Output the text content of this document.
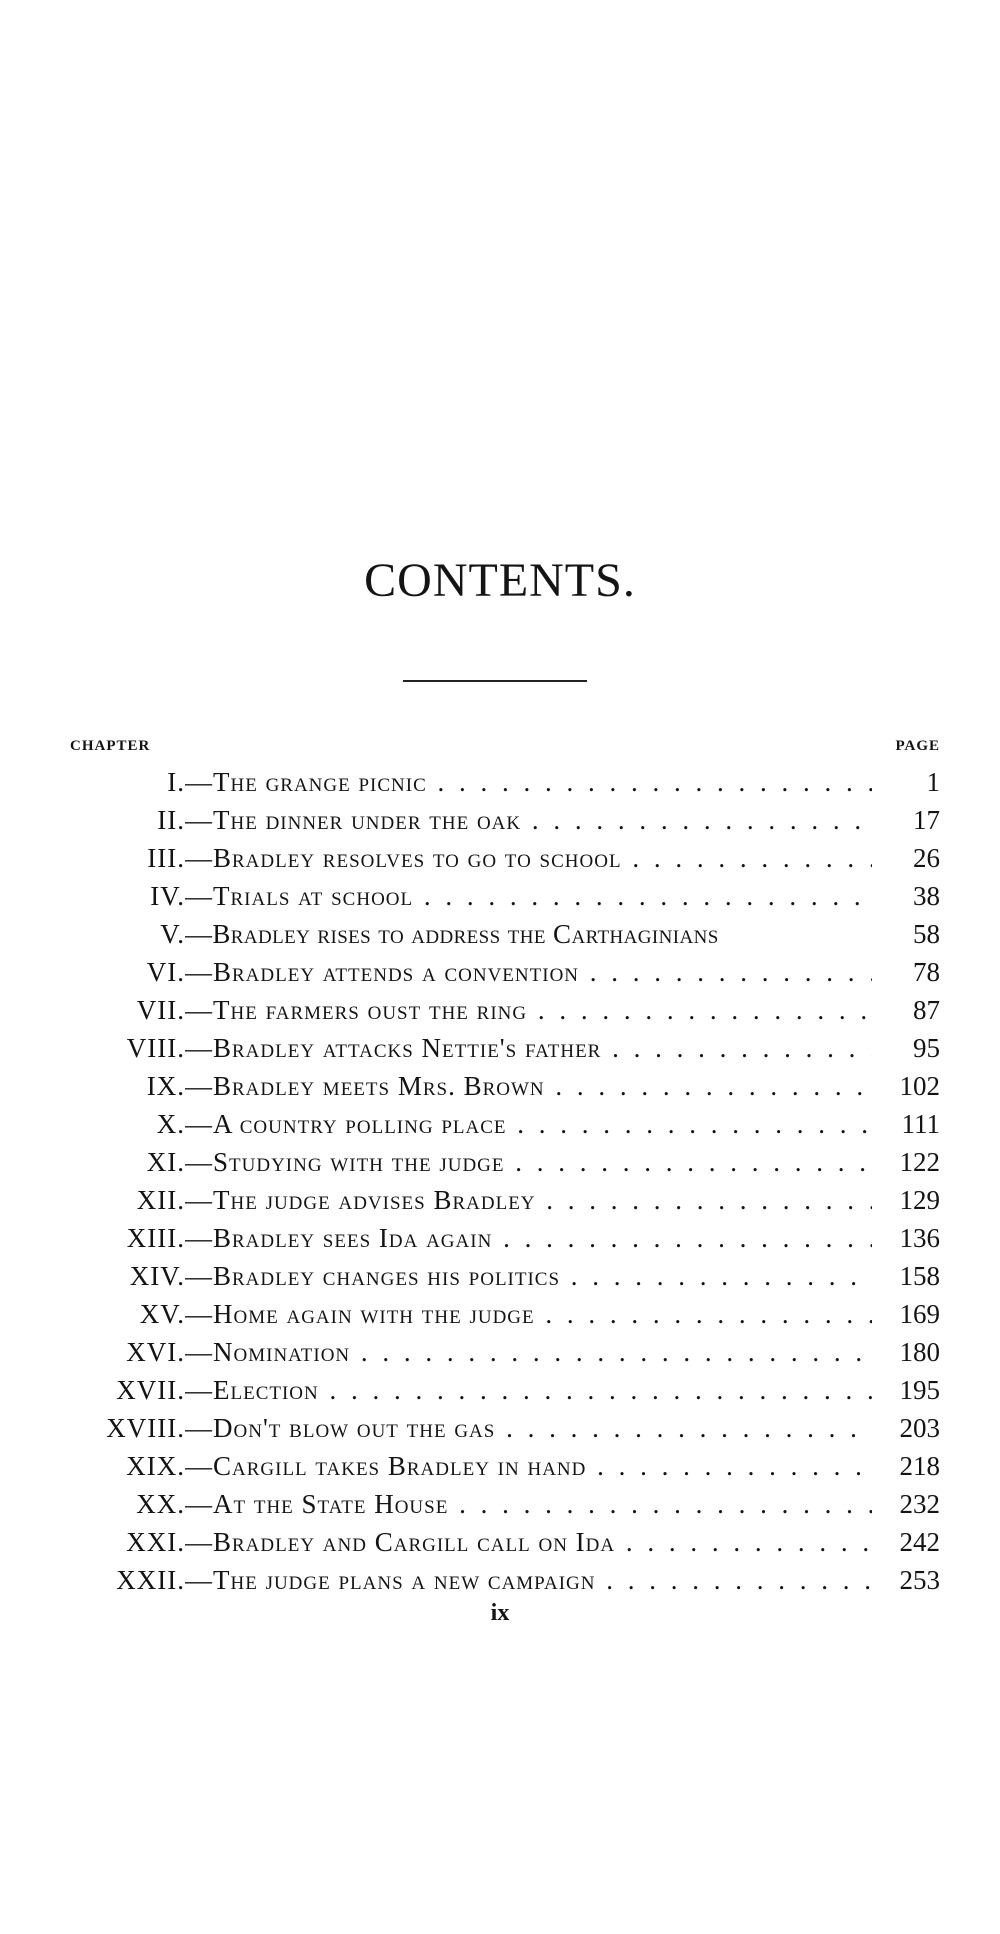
CONTENTS.
CHAPTER	PAGE
I. —The grange picnic . .	1
II. —The dinner under the oak . .	17
III. —Bradley resolves to go to school . .	26
IV. —Trials at school . .	38
V. —Bradley rises to address the Carthaginians	58
VI. —Bradley attends a convention . .	78
VII. —The farmers oust the ring . .	87
VIII. —Bradley attacks Nettie's father . .	95
IX. —Bradley meets Mrs. Brown . .	102
X. —A country polling place . .	111
XI. —Studying with the judge . .	122
XII. —The judge advises Bradley . .	129
XIII. —Bradley sees Ida again . .	136
XIV. —Bradley changes his politics . .	158
XV. —Home again with the judge . .	169
XVI. —Nomination . .	180
XVII. —Election . .	195
XVIII. —Don't blow out the gas . .	203
XIX. —Cargill takes Bradley in hand . .	218
XX. —At the State House . .	232
XXI. —Bradley and Cargill call on Ida . .	242
XXII. —The judge plans a new campaign . .	253
ix
